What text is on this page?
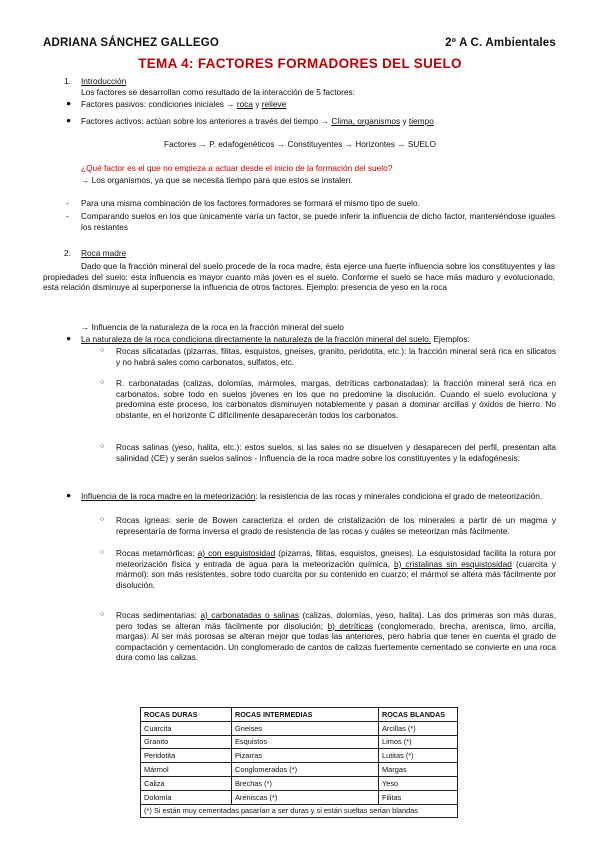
ADRIANA SÁNCHEZ GALLEGO	2º A C. Ambientales
TEMA 4: FACTORES FORMADORES DEL SUELO
1. Introducción
Los factores se desarrollan como resultado de la interacción de 5 factores:
● Factores pasivos: condiciones iniciales → roca y relieve
● Factores activos: actúan sobre los anteriores a través del tiempo → Clima, organismos y tiempo
Factores → P. edafogenéticos → Constituyentes → Horizontes → SUELO
¿Qué factor es el que no empieza a actuar desde el inicio de la formación del suelo?
→ Los organismos, ya que se necesita tiempo para que estos se instalen.
- Para una misma combinación de los factores formadores se formará el mismo tipo de suelo.
- Comparando suelos en los que únicamente varía un factor, se puede inferir la influencia de dicho factor, manteniéndose iguales los restantes
2. Roca madre
Dado que la fracción mineral del suelo procede de la roca madre, ésta ejerce una fuerte influencia sobre los constituyentes y las propiedades del suelo: esta influencia es mayor cuanto más joven es el suelo. Conforme el suelo se hace más maduro y evolucionado, esta relación disminuye al superponerse la influencia de otros factores. Ejemplo: presencia de yeso en la roca
→ Influencia de la naturaleza de la roca en la fracción mineral del suelo
● La naturaleza de la roca condiciona directamente la naturaleza de la fracción mineral del suelo. Ejemplos:
○ Rocas silicatadas (pizarras, filitas, esquistos, gneises, granito, peridotita, etc.): la fracción mineral será rica en silicatos y no habrá sales como carbonatos, sulfatos, etc.
○ R. carbonatadas (calizas, dolomías, mármoles, margas, detríticas carbonatadas): la fracción mineral será rica en carbonatos, sobre todo en suelos jóvenes en los que no predomine la disolución. Cuando el suelo evoluciona y predomina este proceso, los carbonatos disminuyen notablemente y pasan a dominar arcillas y óxidos de hierro. No obstante, en el horizonte C difícilmente desaparecerán todos los carbonatos.
○ Rocas salinas (yeso, halita, etc.): estos suelos, si las sales no se disuelven y desaparecen del perfil, presentan alta salinidad (CE) y serán suelos salinos - Influencia de la roca madre sobre los constituyentes y la edafogénesis:
● Influencia de la roca madre en la meteorización: la resistencia de las rocas y minerales condiciona el grado de meteorización.
○ Rocas ígneas: serie de Bowen caracteriza el orden de cristalización de los minerales a partir de un magma y representaría de forma inversa el grado de resistencia de las rocas y cuáles se meteorizan más fácilmente.
○ Rocas metamórficas: a) con esquistosidad (pizarras, filitas, esquistos, gneises). La esquistosidad facilita la rotura por meteorización física y entrada de agua para la meteorización química, b) cristalinas sin esquistosidad (cuarcita y mármol): son más resistentes, sobre todo cuarcita por su contenido en cuarzo; el mármol se altera más fácilmente por disolución.
○ Rocas sedimentarias: a) carbonatadas o salinas (calizas, dolomías, yeso, halita). Las dos primeras son más duras, pero todas se alteran más fácilmente por disolución; b) detríticas (conglomerado, brecha, arenisca, limo, arcilla, margas). Al ser más porosas se alteran mejor que todas las anteriores, pero habría que tener en cuenta el grado de compactación y cementación. Un conglomerado de cantos de calizas fuertemente cementado se convierte en una roca dura como las calizas.
ROCAS DURAS	ROCAS INTERMEDIAS	ROCAS BLANDAS
Cuarcita	Gneises	Arcillas (*)
Granito	Esquistos	Limos (*)
Peridotita	Pizarras	Lutitas (*)
Mármol	Conglomerados (*)	Margas
Caliza	Brechas (*)	Yeso
Dolomía	Areniscas (*)	Filitas
(*) Si están muy cementadas pasarían a ser duras y si están sueltas serían blandas		
